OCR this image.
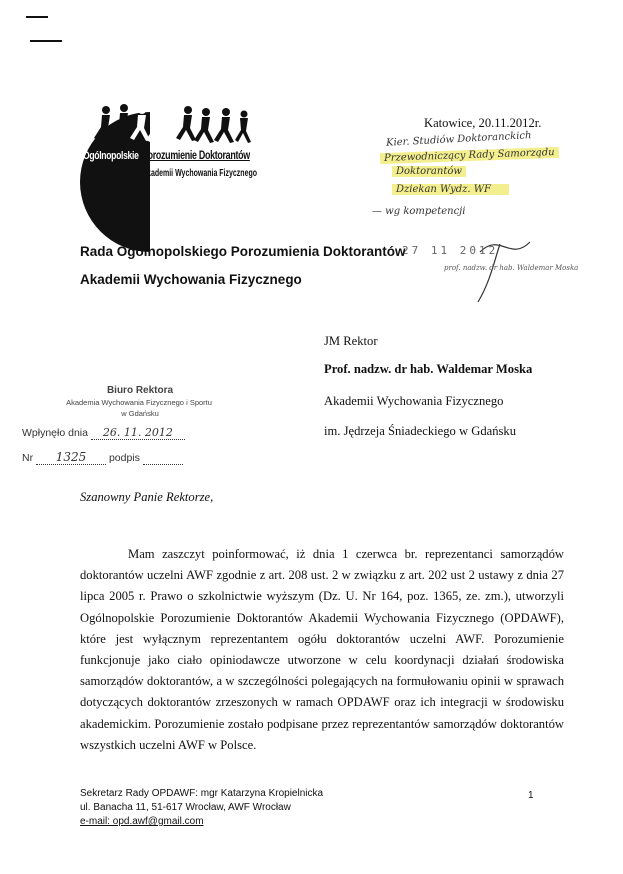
Ogólnopolskie Porozumienie Doktorantów
Akademii Wychowania Fizycznego
Katowice, 20.11.2012r.
Kier. Studiów Doktoranckich
Przewodniczący Rady Samorządu
Doktorantów
Dziekan Wydz. WF
— wg kompetencji
27 11 2012
prof. nadzw. dr hab. Waldemar Moska
Rada Ogólnopolskiego Porozumienia Doktorantów
Akademii Wychowania Fizycznego
JM Rektor
Prof. nadzw. dr hab. Waldemar Moska
Akademii Wychowania Fizycznego
im. Jędrzeja Śniadeckiego w Gdańsku
Biuro Rektora
Akademia Wychowania Fizycznego i Sportu
w Gdańsku
Wpłynęło dnia 26. 11. 2012
Nr 1325 podpis
Szanowny Panie Rektorze,
Mam zaszczyt poinformować, iż dnia 1 czerwca br. reprezentanci samorządów doktorantów uczelni AWF zgodnie z art. 208 ust. 2 w związku z art. 202 ust 2 ustawy z dnia 27 lipca 2005 r. Prawo o szkolnictwie wyższym (Dz. U. Nr 164, poz. 1365, ze. zm.), utworzyli Ogólnopolskie Porozumienie Doktorantów Akademii Wychowania Fizycznego (OPDAWF), które jest wyłącznym reprezentantem ogółu doktorantów uczelni AWF. Porozumienie funkcjonuje jako ciało opiniodawcze utworzone w celu koordynacji działań środowiska samorządów doktorantów, a w szczególności polegających na formułowaniu opinii w sprawach dotyczących doktorantów zrzeszonych w ramach OPDAWF oraz ich integracji w środowisku akademickim. Porozumienie zostało podpisane przez reprezentantów samorządów doktorantów wszystkich uczelni AWF w Polsce.
Sekretarz Rady OPDAWF: mgr Katarzyna Kropielnicka
ul. Banacha 11, 51-617 Wrocław, AWF Wrocław
e-mail: opd.awf@gmail.com
1
